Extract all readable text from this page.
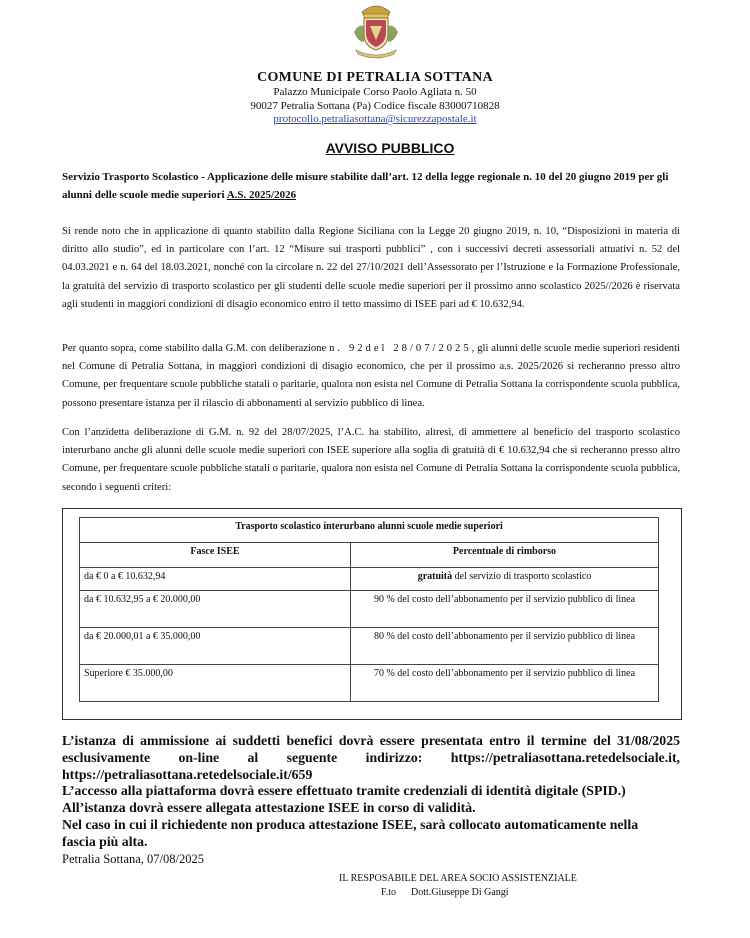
COMUNE DI PETRALIA SOTTANA
Palazzo Municipale Corso Paolo Agliata n. 50
90027 Petralia Sottana (Pa) Codice fiscale 83000710828
protocollo.petraliasottana@sicurezzapostale.it
AVVISO PUBBLICO
Servizio Trasporto Scolastico - Applicazione delle misure stabilite dall’art. 12 della legge regionale n. 10 del 20 giugno 2019 per gli alunni delle scuole medie superiori A.S. 2025/2026
Si rende noto che in applicazione di quanto stabilito dalla Regione Siciliana con la Legge 20 giugno 2019, n. 10, “Disposizioni in materia di diritto allo studio”, ed in particolare con l’art. 12 “Misure sui trasporti pubblici” , con i successivi decreti assessoriali attuativi n. 52 del 04.03.2021 e n. 64 del 18.03.2021, nonché con la circolare n. 22 del 27/10/2021 dell’Assessorato per l’Istruzione e la Formazione Professionale, la gratuità del servizio di trasporto scolastico per gli studenti delle scuole medie superiori per il prossimo anno scolastico 2025//2026 è riservata agli studenti in maggiori condizioni di disagio economico entro il tetto massimo di ISEE pari ad € 10.632,94.
Per quanto sopra, come stabilito dalla G.M. con deliberazione n. 92del 28/07/2025, gli alunni delle scuole medie superiori residenti nel Comune di Petralia Sottana, in maggiori condizioni di disagio economico, che per il prossimo a.s. 2025/2026 si recheranno presso altro Comune, per frequentare scuole pubbliche statali o paritarie, qualora non esista nel Comune di Petralia Sottana la corrispondente scuola pubblica, possono presentare istanza per il rilascio di abbonamenti al servizio pubblico di linea.
Con l’anzidetta deliberazione di G.M. n. 92 del 28/07/2025, l’A.C. ha stabilito, altresì, di ammettere al beneficio del trasporto scolastico interurbano anche gli alunni delle scuole medie superiori con ISEE superiore alla soglia di gratuità di € 10.632,94 che si recheranno presso altro Comune, per frequentare scuole pubbliche statali o paritarie, qualora non esista nel Comune di Petralia Sottana la corrispondente scuola pubblica, secondo i seguenti criteri:
Trasporto scolastico interurbano alunni scuole medie superiori	
Fasce ISEE	Percentuale di rimborso
da € 0 a € 10.632,94	gratuità del servizio di trasporto scolastico
da € 10.632,95 a € 20.000,00	90 % del costo dell’abbonamento per il servizio pubblico di linea
da € 20.000,01 a € 35.000,00	80 % del costo dell’abbonamento per il servizio pubblico di linea
Superiore € 35.000,00	70 % del costo dell’abbonamento per il servizio pubblico di linea
L’istanza di ammissione ai suddetti benefici dovrà essere presentata entro il termine del 31/08/2025
esclusivamente on-line al seguente indirizzo: https://petraliasottana.retedelsociale.it,
https://petraliasottana.retedelsociale.it/659
L’accesso alla piattaforma dovrà essere effettuato tramite credenziali di identità digitale (SPID.)
All’istanza dovrà essere allegata attestazione ISEE in corso di validità.
Nel caso in cui il richiedente non produca attestazione ISEE, sarà collocato automaticamente nella
fascia più alta.
Petralia Sottana, 07/08/2025
IL RESPOSABILE DEL AREA SOCIO ASSISTENZIALE
F.to Dott.Giuseppe Di Gangi
